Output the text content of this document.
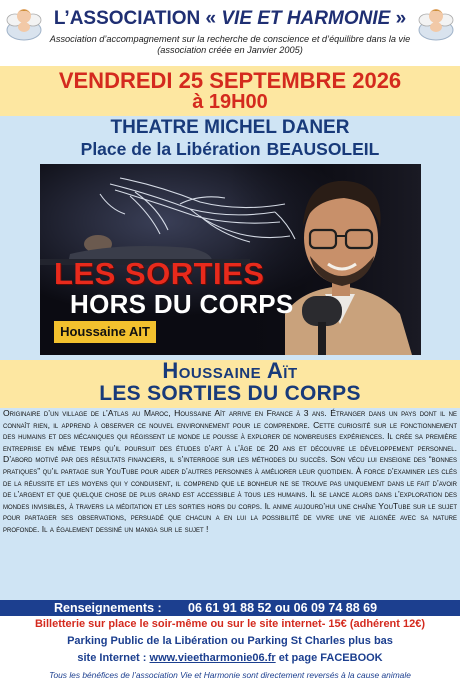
L’ASSOCIATION « VIE ET HARMONIE »
Association d’accompagnement sur la recherche de conscience et d’équilibre dans la vie
(association créée en Janvier 2005)
VENDREDI 25 SEPTEMBRE 2026
à 19H00
THEATRE MICHEL DANER
Place de la Libération BEAUSOLEIL
LES SORTIES
HORS DU CORPS
Houssaine AIT
Houssaine Aït
LES SORTIES DU CORPS
Originaire d’un village de l’Atlas au Maroc, Houssaine Aït arrive en France à 3 ans. Étranger dans un pays dont il ne connaît rien, il apprend à observer ce nouvel environnement pour le comprendre. Cette curiosité sur le fonctionnement des humains et des mécaniques qui régissent le monde le pousse à explorer de nombreuses expériences. Il crée sa première entreprise en même temps qu’il poursuit des études d’art à l’âge de 20 ans et découvre le développement personnel. D’abord motivé par des résultats financiers, il s’interroge sur les méthodes du succès. Son vécu lui enseigne des “bonnes pratiques” qu’il partage sur YouTube pour aider d’autres personnes à améliorer leur quotidien. À force d’examiner les clés de la réussite et les moyens qui y conduisent, il comprend que le bonheur ne se trouve pas uniquement dans le fait d’avoir de l’argent et que quelque chose de plus grand est accessible à tous les humains. Il se lance alors dans l’exploration des mondes invisibles, à travers la méditation et les sorties hors du corps. Il anime aujourd’hui une chaîne YouTube sur le sujet pour partager ses observations, persuadé que chacun a en lui la possibilité de vivre une vie alignée avec sa nature profonde. Il a également dessiné un manga sur le sujet !
Renseignements : 06 61 91 88 52 ou 06 09 74 88 69
Billetterie sur place le soir-même ou sur le site internet- 15€ (adhérent 12€)
Parking Public de la Libération ou Parking St Charles plus bas
site Internet : www.vieetharmonie06.fr et page FACEBOOK
Tous les bénéfices de l’association Vie et Harmonie sont directement reversés à la cause animale
